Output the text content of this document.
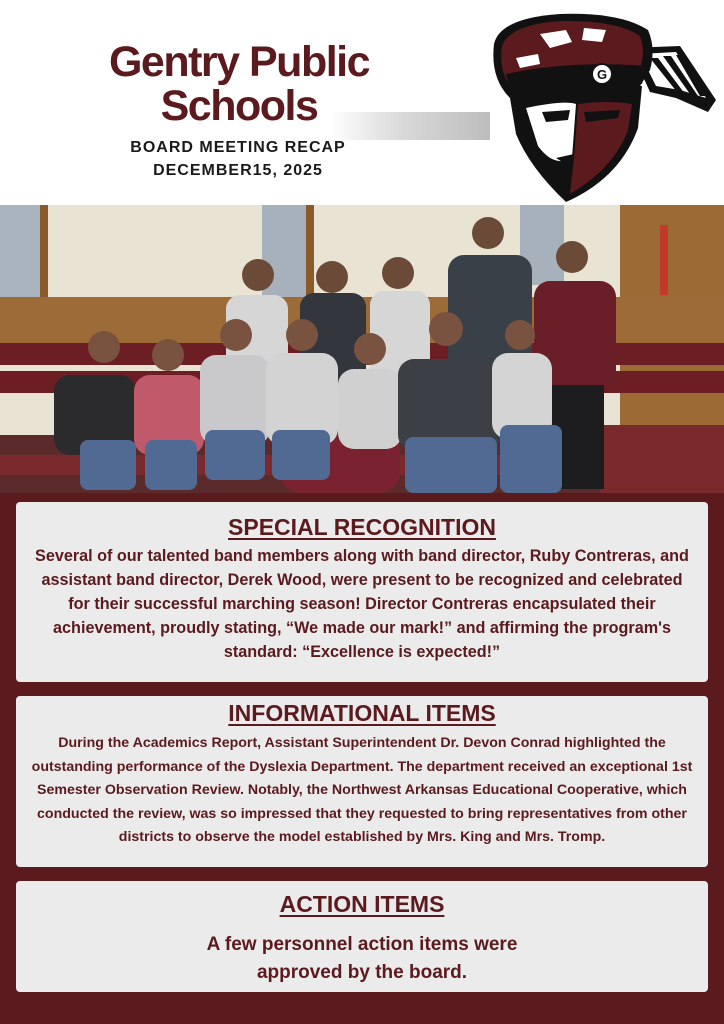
Gentry Public
Schools
BOARD MEETING RECAP
DECEMBER15, 2025
G
SPECIAL RECOGNITION
Several of our talented band members along with band director, Ruby Contreras, and assistant band director, Derek Wood, were present to be recognized and celebrated for their successful marching season! Director Contreras encapsulated their achievement, proudly stating, “We made our mark!” and affirming the program's standard: “Excellence is expected!”
INFORMATIONAL ITEMS
During the Academics Report, Assistant Superintendent Dr. Devon Conrad highlighted the outstanding performance of the Dyslexia Department. The department received an exceptional 1st Semester Observation Review. Notably, the Northwest Arkansas Educational Cooperative, which conducted the review, was so impressed that they requested to bring representatives from other districts to observe the model established by Mrs. King and Mrs. Tromp.
ACTION ITEMS
A few personnel action items were approved by the board.
